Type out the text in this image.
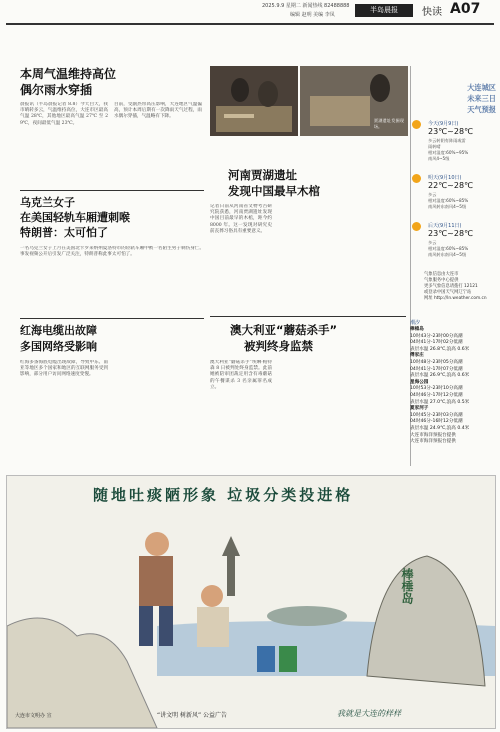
2025.9.9 星期二 新闻热线 82488888
编辑 赵明 美编 李凤
半岛晨报	快读 A07
本周气温维持高位
偶尔雨水穿插
晨报讯（半岛晨报记者 8.8）今天白天，我市晴转多云，气温维持高位，大连市区最高气温 28℃，其他地区最高气温 27℃ 至 29℃，夜间最低气温 23℃。
目前，受副热带高压影响，大连地区气温偏高，预计本周后期有一次降雨天气过程，雨水偶尔穿插，气温略有下降。
乌克兰女子
在美国轻轨车厢遭刺喉
特朗普：太可怕了
一名乌克兰女子上月在美国北卡罗来纳州夏洛特市的轻轨车厢中被一名陌生男子刺伤身亡。事发视频公开后引发广泛关注，特朗普称此事太可怕了。
红海电缆出故障
多国网络受影响
红海多条海底电缆出现故障，导致中东、南亚等地区多个国家和地区的互联网服务受到影响，部分用户访问网络速度变慢。
贾湖遗址发掘现场。
河南贾湖遗址
发现中国最早木棺
记者日前从河南省文物考古研究院获悉，河南贾湖遗址发现中国目前最早的木棺，距今约 8000 年。这一发现对研究史前丧葬习俗具有重要意义。
澳大利亚“蘑菇杀手”
被判终身监禁
澳大利亚“蘑菇杀手”埃琳·帕特森 8 日被判处终身监禁。此前她被陪审团裁定用含有毒蘑菇的午餐谋杀 3 名亲属罪名成立。
大连城区
未来三日
天气预报
今天(9月9日)
23℃~28℃
多云转阴有阵雨或雷
雨转晴
相对湿度:60%~95%
南风4~5级
明天(9月10日)
22℃~28℃
多云
相对湿度:60%~85%
南风转东南风4~5级
后天(9月11日)
23℃~28℃
多云
相对湿度:60%~85%
南风转东南风4~5级
气象信息由大连市
气象服务中心提供
更多气象信息请拨打 12121
或登录中国天气网辽宁站
网址 http://ln.weather.com.cn
潮汐
棒棰岛
10时43分-23时00分高潮
04时41分-17时02分低潮
表层水温 26.8℃,浪高 0.6米
傅家庄
10时48分-23时05分高潮
04时41分-17时07分低潮
表层水温 26.9℃,浪高 0.6米
星海公园
10时53分-23时10分高潮
04时46分-17时12分低潮
表层水温 27.0℃,浪高 0.5米
夏家河子
10时45分-23时03分高潮
04时46分-16时12分低潮
表层水温 24.9℃,浪高 0.4米
大连市海洋预报台提供
大连市海洋预报台提供
随地吐痰陋形象 垃圾分类投进格
棒棰岛
大连市文明办 宣	“讲文明 树新风” 公益广告	我就是大连的样样
